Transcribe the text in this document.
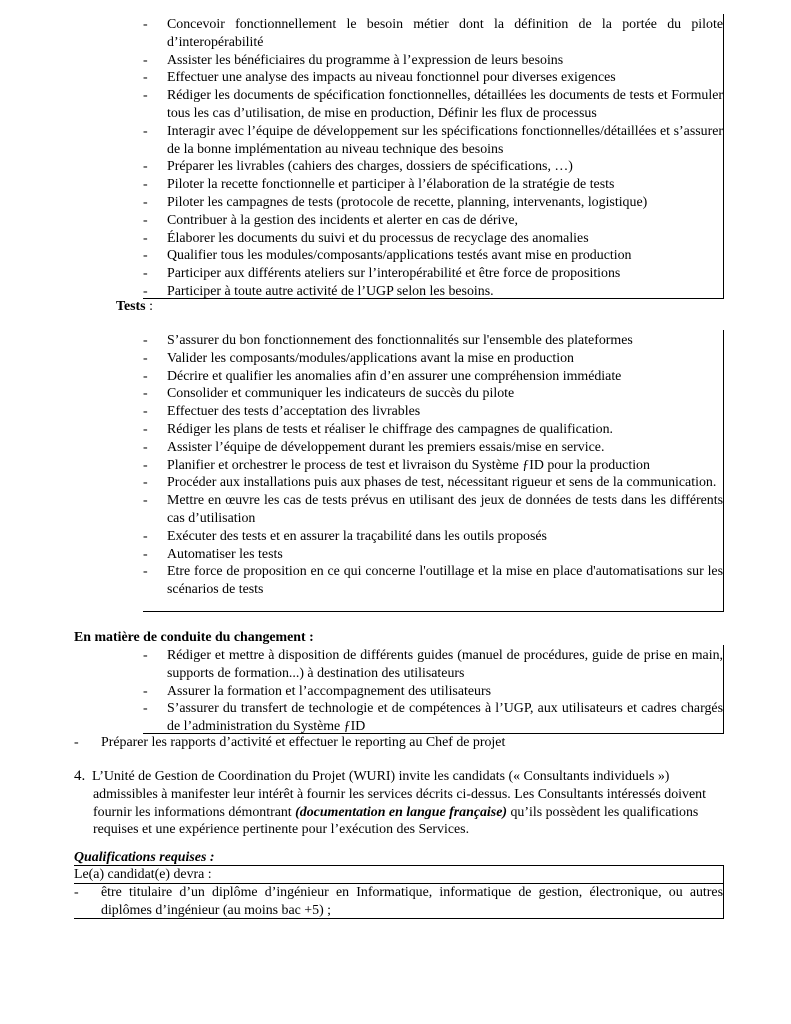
- Concevoir fonctionnellement le besoin métier dont la définition de la portée du pilote d’interopérabilité
- Assister les bénéficiaires du programme à l’expression de leurs besoins
- Effectuer une analyse des impacts au niveau fonctionnel pour diverses exigences
- Rédiger les documents de spécification fonctionnelles, détaillées les documents de tests et Formuler tous les cas d’utilisation, de mise en production, Définir les flux de processus
- Interagir avec l’équipe de développement sur les spécifications fonctionnelles/détaillées et s’assurer de la bonne implémentation au niveau technique des besoins
- Préparer les livrables (cahiers des charges, dossiers de spécifications, …)
- Piloter la recette fonctionnelle et participer à l’élaboration de la stratégie de tests
- Piloter les campagnes de tests (protocole de recette, planning, intervenants, logistique)
- Contribuer à la gestion des incidents et alerter en cas de dérive,
- Élaborer les documents du suivi et du processus de recyclage des anomalies
- Qualifier tous les modules/composants/applications testés avant mise en production
- Participer aux différents ateliers sur l’interopérabilité et être force de propositions
- Participer à toute autre activité de l’UGP selon les besoins.
Tests :
- S’assurer du bon fonctionnement des fonctionnalités sur l'ensemble des plateformes
- Valider les composants/modules/applications avant la mise en production
- Décrire et qualifier les anomalies afin d’en assurer une compréhension immédiate
- Consolider et communiquer les indicateurs de succès du pilote
- Effectuer des tests d’acceptation des livrables
- Rédiger les plans de tests et réaliser le chiffrage des campagnes de qualification.
- Assister l’équipe de développement durant les premiers essais/mise en service.
- Planifier et orchestrer le process de test et livraison du Système ƒID pour la production
- Procéder aux installations puis aux phases de test, nécessitant rigueur et sens de la communication.
- Mettre en œuvre les cas de tests prévus en utilisant des jeux de données de tests dans les différents cas d’utilisation
- Exécuter des tests et en assurer la traçabilité dans les outils proposés
- Automatiser les tests
- Etre force de proposition en ce qui concerne l'outillage et la mise en place d'automatisations sur les scénarios de tests
En matière de conduite du changement :
- Rédiger et mettre à disposition de différents guides (manuel de procédures, guide de prise en main, supports de formation...) à destination des utilisateurs
- Assurer la formation et l’accompagnement des utilisateurs
- S’assurer du transfert de technologie et de compétences à l’UGP, aux utilisateurs et cadres chargés de l’administration du Système ƒID
- Préparer les rapports d’activité et effectuer le reporting au Chef de projet
4. L’Unité de Gestion de Coordination du Projet (WURI) invite les candidats (« Consultants individuels »)
admissibles à manifester leur intérêt à fournir les services décrits ci-dessus. Les Consultants intéressés doivent
fournir les informations démontrant (documentation en langue française) qu’ils possèdent les qualifications
requises et une expérience pertinente pour l’exécution des Services.
Qualifications requises :
Le(a) candidat(e) devra :
- être titulaire d’un diplôme d’ingénieur en Informatique, informatique de gestion, électronique, ou autres diplômes d’ingénieur (au moins bac +5) ;
